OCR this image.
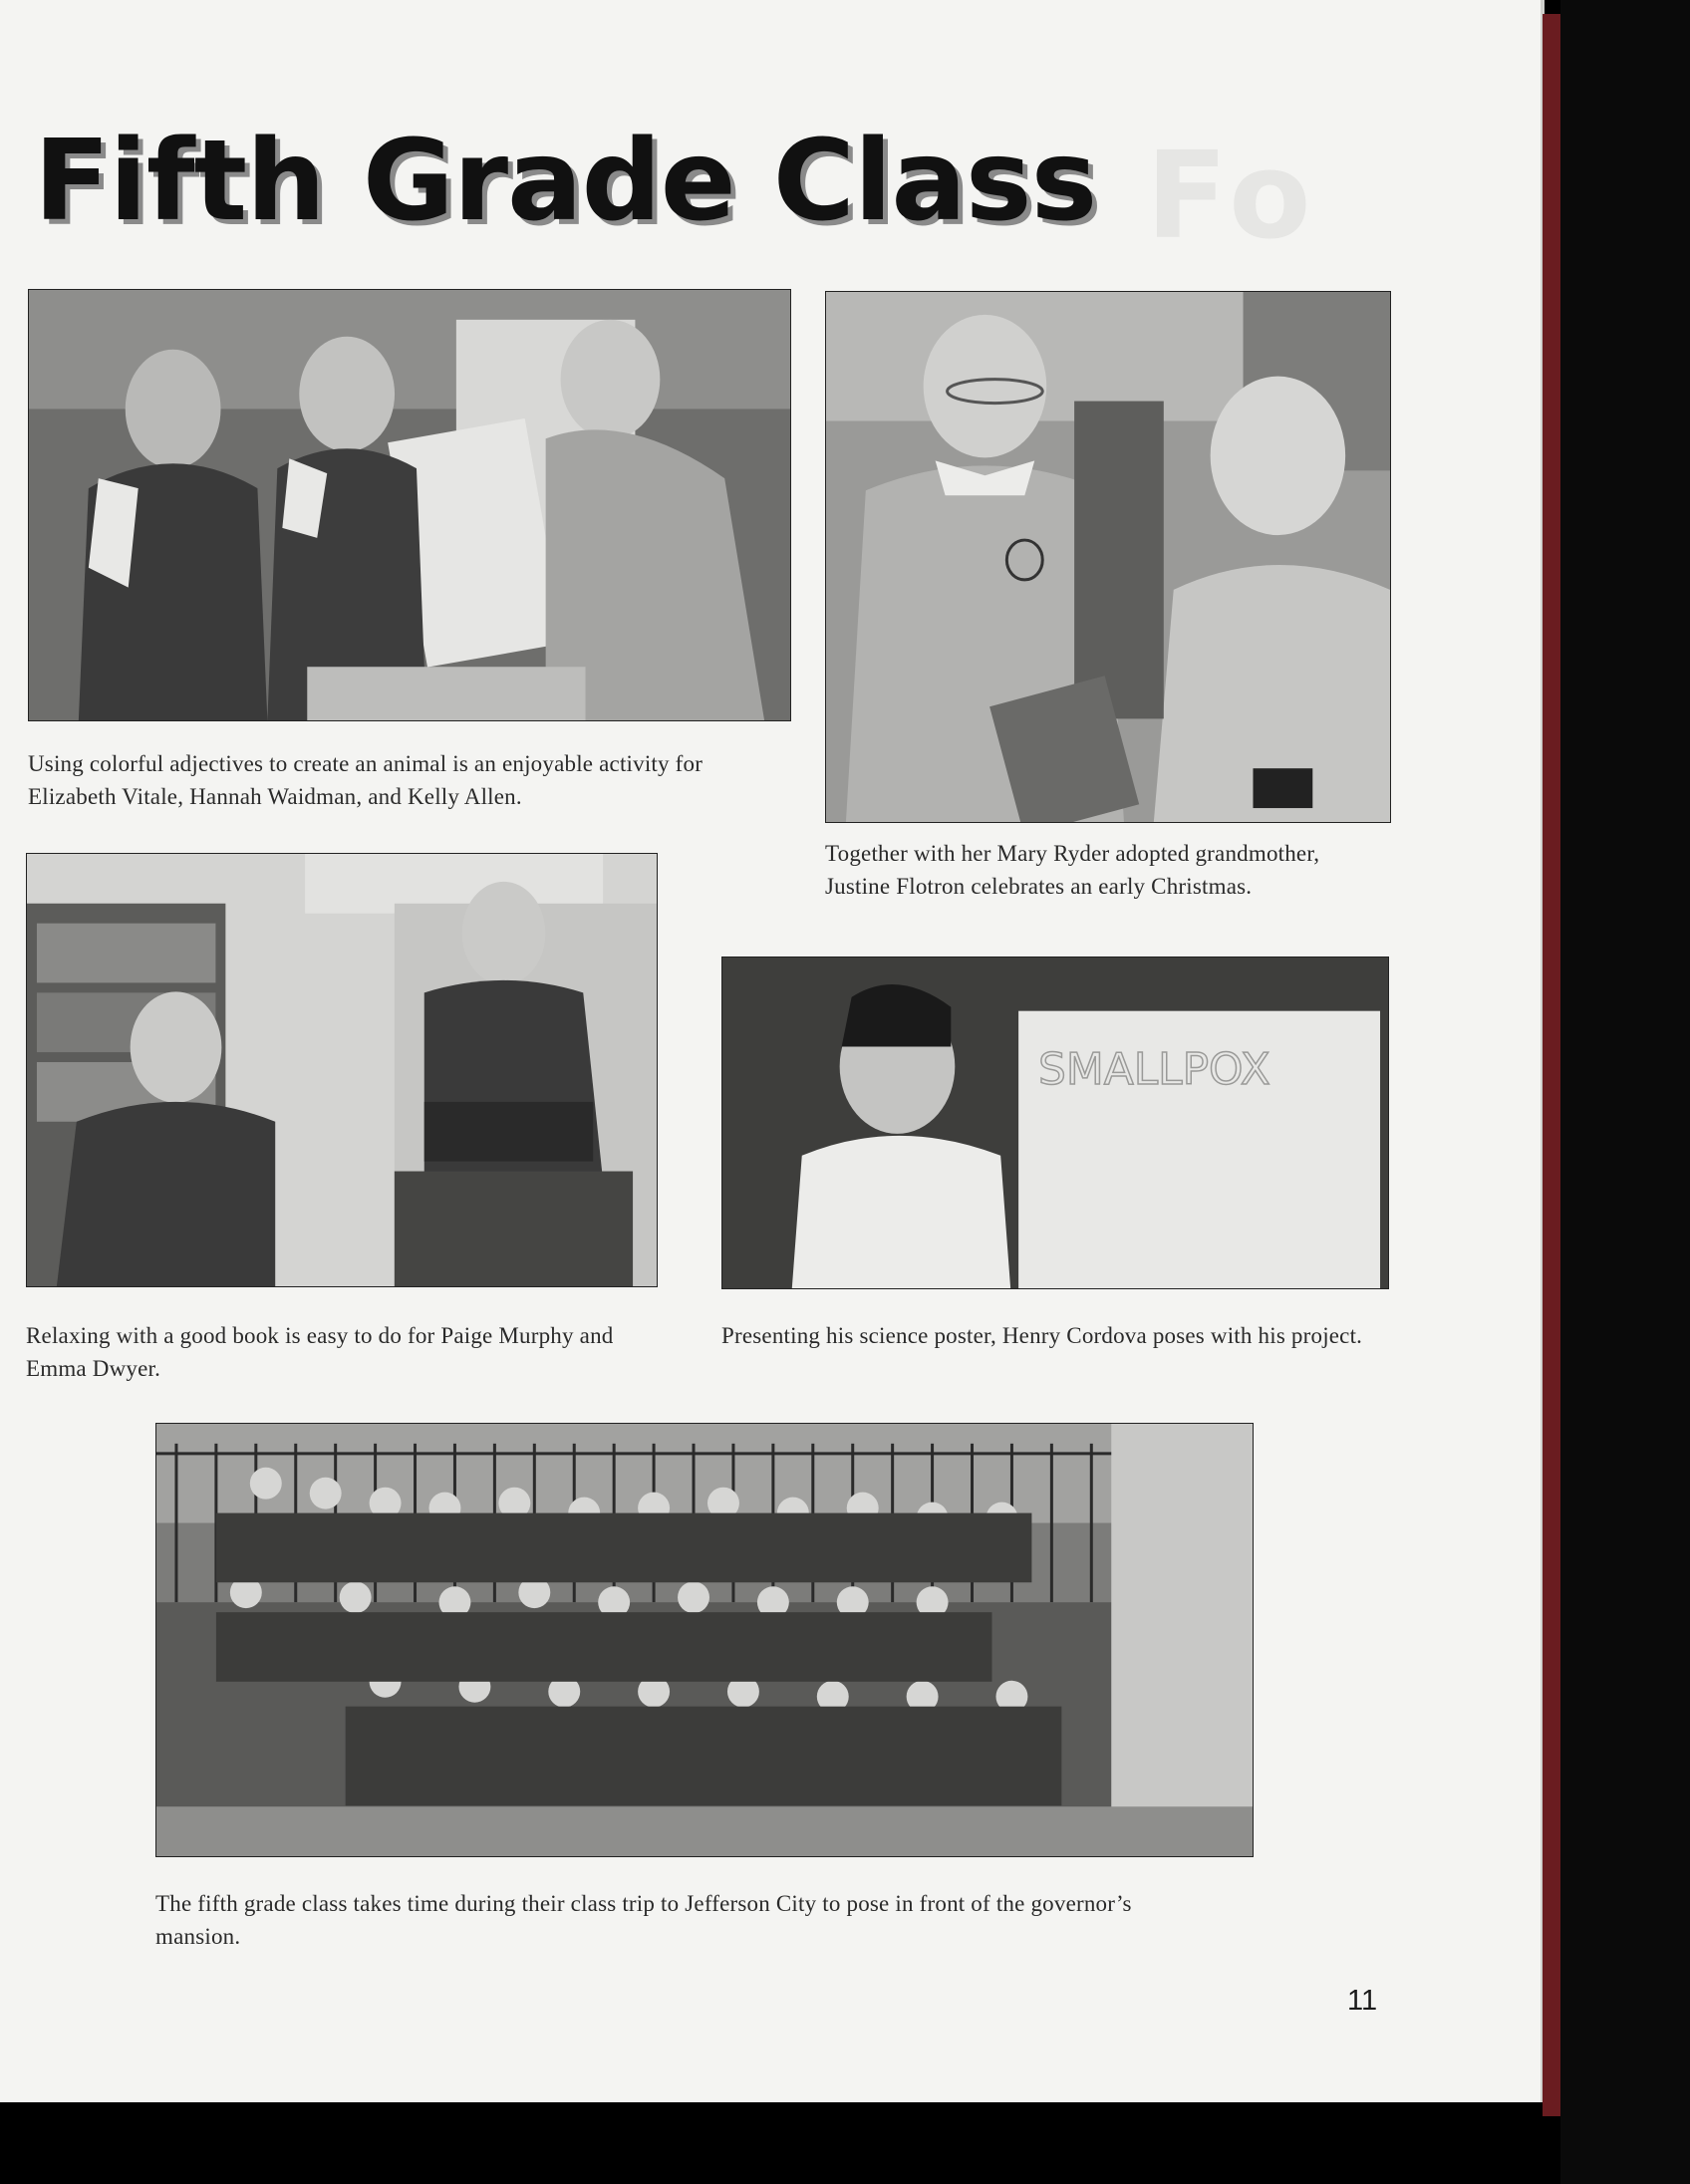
Fo
Fifth Grade Class

Using colorful adjectives to create an animal is an enjoyable activity for Elizabeth Vitale, Hannah Waidman, and Kelly Allen.

Together with her Mary Ryder adopted grandmother, Justine Flotron celebrates an early Christmas.

Relaxing with a good book is easy to do for Paige Murphy and Emma Dwyer.

SMALLPOX

Presenting his science poster, Henry Cordova poses with his project.

The fifth grade class takes time during their class trip to Jefferson City to pose in front of the governor’s mansion.

11
